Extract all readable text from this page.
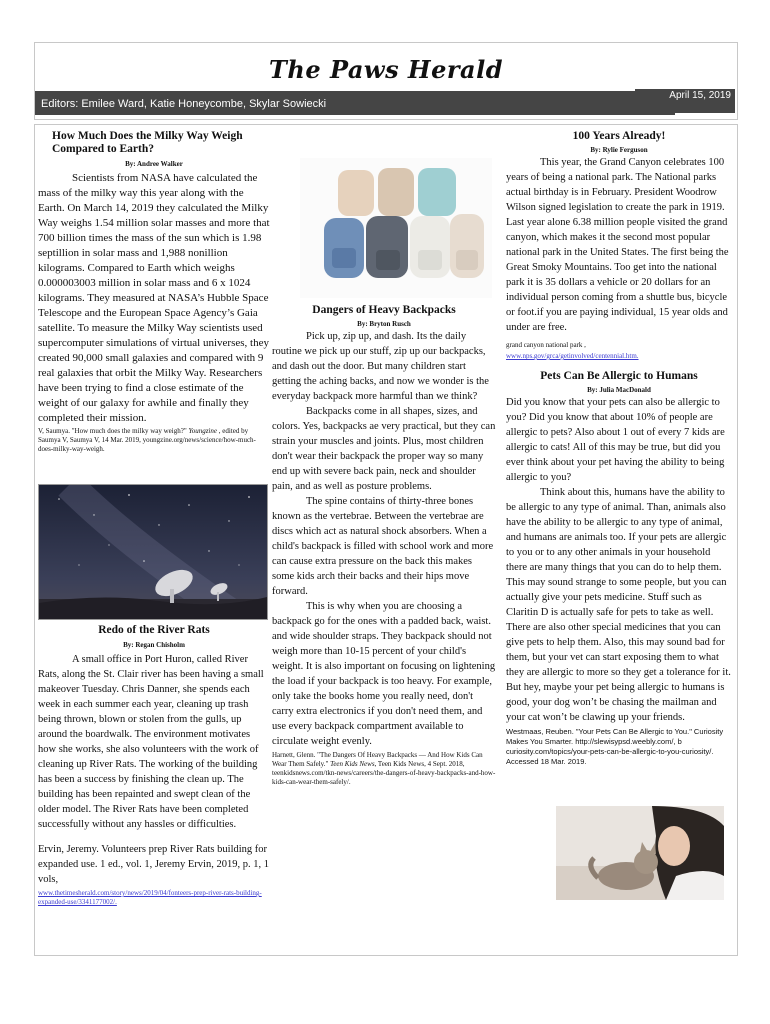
The Paws Herald
Editors: Emilee Ward, Katie Honeycombe, Skylar Sowiecki
April 15, 2019
How Much Does the Milky Way Weigh Compared to Earth?
By: Andree Walker

Scientists from NASA have calculated the mass of the milky way this year along with the Earth. On March 14, 2019 they calculated the Milky Way weighs 1.54 million solar masses and more that 700 billion times the mass of the sun which is 1.98 septillion in solar mass and 1,988 nonillion kilograms. Compared to Earth which weighs 0.000003003 million in solar mass and 6 x 1024 kilograms. They measured at NASA’s Hubble Space Telescope and the European Space Agency’s Gaia satellite. To measure the Milky Way scientists used supercomputer simulations of virtual universes, they created 90,000 small galaxies and compared with 9 real galaxies that orbit the Milky Way. Researchers have been trying to find a close estimate of the weight of our galaxy for awhile and finally they completed their mission.

V, Saumya. "How much does the milky way weigh?" Youngzine , edited by Saumya V, Saumya V, 14 Mar. 2019, youngzine.org/news/science/how-much-does-milky-way-weigh.
Redo of the River Rats
By: Regan Chisholm

A small office in Port Huron, called River Rats, along the St. Clair river has been having a small makeover Tuesday. Chris Danner, she spends each week in each summer each year, cleaning up trash being thrown, blown or stolen from the gulls, up around the boardwalk. The environment motivates how she works, she also volunteers with the work of cleaning up River Rats. The working of the building has been a success by finishing the clean up. The building has been repainted and swept clean of the older model. The River Rats have been completed successfully without any hassles or difficulties.

Ervin, Jeremy. Volunteers prep River Rats building for expanded use. 1 ed., vol. 1, Jeremy Ervin, 2019, p. 1, 1 vols,
www.thetimesherald.com/story/news/2019/04/fonteers-prep-river-rats-building-expanded-use/3341177002/.
Dangers of Heavy Backpacks
By: Bryton Rusch

Pick up, zip up, and dash. Its the daily routine we pick up our stuff, zip up our backpacks, and dash out the door. But many children start getting the aching backs, and now we wonder is the everyday backpack more harmful than we think?

Backpacks come in all shapes, sizes, and colors. Yes, backpacks ae very practical, but they can strain your muscles and joints. Plus, most children don't wear their backpack the proper way so many end up with severe back pain, neck and shoulder pain, and as well as posture problems.

The spine contains of thirty-three bones known as the vertebrae. Between the vertebrae are discs which act as natural shock absorbers. When a child's backpack is filled with school work and more can cause extra pressure on the back this makes some kids arch their backs and their hips move forward.

This is why when you are choosing a backpack go for the ones with a padded back, waist. and wide shoulder straps. They backpack should not weigh more than 10-15 percent of your child's weight. It is also important on focusing on lightening the load if your backpack is too heavy. For example, only take the books home you really need, don't carry extra electronics if you don't need them, and use every backpack compartment available to circulate weight evenly.

Harnett, Glenn. "The Dangers Of Heavy Backpacks — And How Kids Can Wear Them Safely." Teen Kids News, Teen Kids News, 4 Sept. 2018, teenkidsnews.com/tkn-news/careers/the-dangers-of-heavy-backpacks-and-how-kids-can-wear-them-safely/.
100 Years Already!
By: Rylie Ferguson

This year, the Grand Canyon celebrates 100 years of being a national park. The National parks actual birthday is in February. President Woodrow Wilson signed legislation to create the park in 1919. Last year alone 6.38 million people visited the grand canyon, which makes it the second most popular national park in the United States. The first being the Great Smoky Mountains. Too get into the national park it is 35 dollars a vehicle or 20 dollars for an individual person coming from a shuttle bus, bicycle or foot.if you are paying individual, 15 year olds and under are free.

grand canyon national park ,
www.nps.gov/grca/getinvolved/centennial.htm.
Pets Can Be Allergic to Humans
By: Julia MacDonald

Did you know that your pets can also be allergic to you? Did you know that about 10% of people are allergic to pets? Also about 1 out of every 7 kids are allergic to cats! All of this may be true, but did you ever think about your pet having the ability to being allergic to you?

Think about this, humans have the ability to be allergic to any type of animal. Than, animals also have the ability to be allergic to any type of animal, and humans are animals too. If your pets are allergic to you or to any other animals in your household there are many things that you can do to help them. This may sound strange to some people, but you can actually give your pets medicine. Stuff such as Claritin D is actually safe for pets to take as well. There are also other special medicines that you can give pets to help them. Also, this may sound bad for them, but your vet can start exposing them to what they are allergic to more so they get a tolerance for it. But hey, maybe your pet being allergic to humans is good, your dog won’t be chasing the mailman and your cat won’t be clawing up your friends.

Westmaas, Reuben. "Your Pets Can Be Allergic to You." Curiosity Makes You Smarter. http://slewisypsd.weebly.com/, b curiosity.com/topics/your-pets-can-be-allergic-to-you-curiosity/. Accessed 18 Mar. 2019.
